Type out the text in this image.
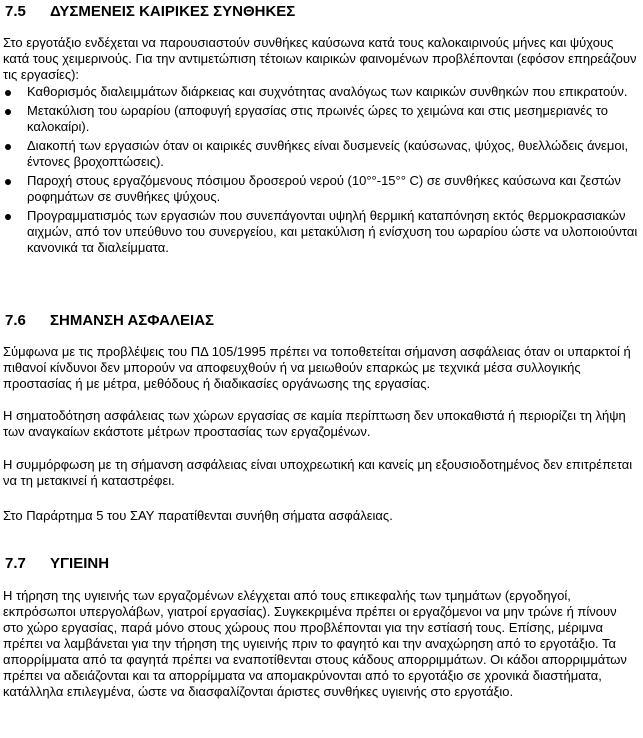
7.5 ΔΥΣΜΕΝΕΙΣ ΚΑΙΡΙΚΕΣ ΣΥΝΘΗΚΕΣ

Στο εργοτάξιο ενδέχεται να παρουσιαστούν συνθήκες καύσωνα κατά τους καλοκαιρινούς μήνες και ψύχους κατά τους χειμερινούς. Για την αντιμετώπιση τέτοιων καιρικών φαινομένων προβλέπονται (εφόσον επηρεάζουν τις εργασίες):

Καθορισμός διαλειμμάτων διάρκειας και συχνότητας αναλόγως των καιρικών συνθηκών που επικρατούν.
Μετακύλιση του ωραρίου (αποφυγή εργασίας στις πρωινές ώρες το χειμώνα και στις μεσημεριανές το καλοκαίρι).
Διακοπή των εργασιών όταν οι καιρικές συνθήκες είναι δυσμενείς (καύσωνας, ψύχος, θυελλώδεις άνεμοι, έντονες βροχοπτώσεις).
Παροχή στους εργαζόμενους πόσιμου δροσερού νερού (10°°-15°° C) σε συνθήκες καύσωνα και ζεστών ροφημάτων σε συνθήκες ψύχους.
Προγραμματισμός των εργασιών που συνεπάγονται υψηλή θερμική καταπόνηση εκτός θερμοκρασιακών αιχμών, από τον υπεύθυνο του συνεργείου, και μετακύλιση ή ενίσχυση του ωραρίου ώστε να υλοποιούνται κανονικά τα διαλείμματα.
7.6 ΣΗΜΑΝΣΗ ΑΣΦΑΛΕΙΑΣ

Σύμφωνα με τις προβλέψεις του ΠΔ 105/1995 πρέπει να τοποθετείται σήμανση ασφάλειας όταν οι υπαρκτοί ή πιθανοί κίνδυνοι δεν μπορούν να αποφευχθούν ή να μειωθούν επαρκώς με τεχνικά μέσα συλλογικής προστασίας ή με μέτρα, μεθόδους ή διαδικασίες οργάνωσης της εργασίας.

Η σηματοδότηση ασφάλειας των χώρων εργασίας σε καμία περίπτωση δεν υποκαθιστά ή περιορίζει τη λήψη των αναγκαίων εκάστοτε μέτρων προστασίας των εργαζομένων.

Η συμμόρφωση με τη σήμανση ασφάλειας είναι υποχρεωτική και κανείς μη εξουσιοδοτημένος δεν επιτρέπεται να τη μετακινεί ή καταστρέφει.

Στο Παράρτημα 5 του ΣΑΥ παρατίθενται συνήθη σήματα ασφάλειας.

7.7 ΥΓΙΕΙΝΗ

Η τήρηση της υγιεινής των εργαζομένων ελέγχεται από τους επικεφαλής των τμημάτων (εργοδηγοί, εκπρόσωποι υπεργολάβων, γιατροί εργασίας). Συγκεκριμένα πρέπει οι εργαζόμενοι να μην τρώνε ή πίνουν στο χώρο εργασίας, παρά μόνο στους χώρους που προβλέπονται για την εστίασή τους. Επίσης, μέριμνα πρέπει να λαμβάνεται για την τήρηση της υγιεινής πριν το φαγητό και την αναχώρηση από το εργοτάξιο. Τα απορρίμματα από τα φαγητά πρέπει να εναποτίθενται στους κάδους απορριμμάτων. Οι κάδοι απορριμμάτων πρέπει να αδειάζονται και τα απορρίμματα να απομακρύνονται από το εργοτάξιο σε χρονικά διαστήματα, κατάλληλα επιλεγμένα, ώστε να διασφαλίζονται άριστες συνθήκες υγιεινής στο εργοτάξιο.
